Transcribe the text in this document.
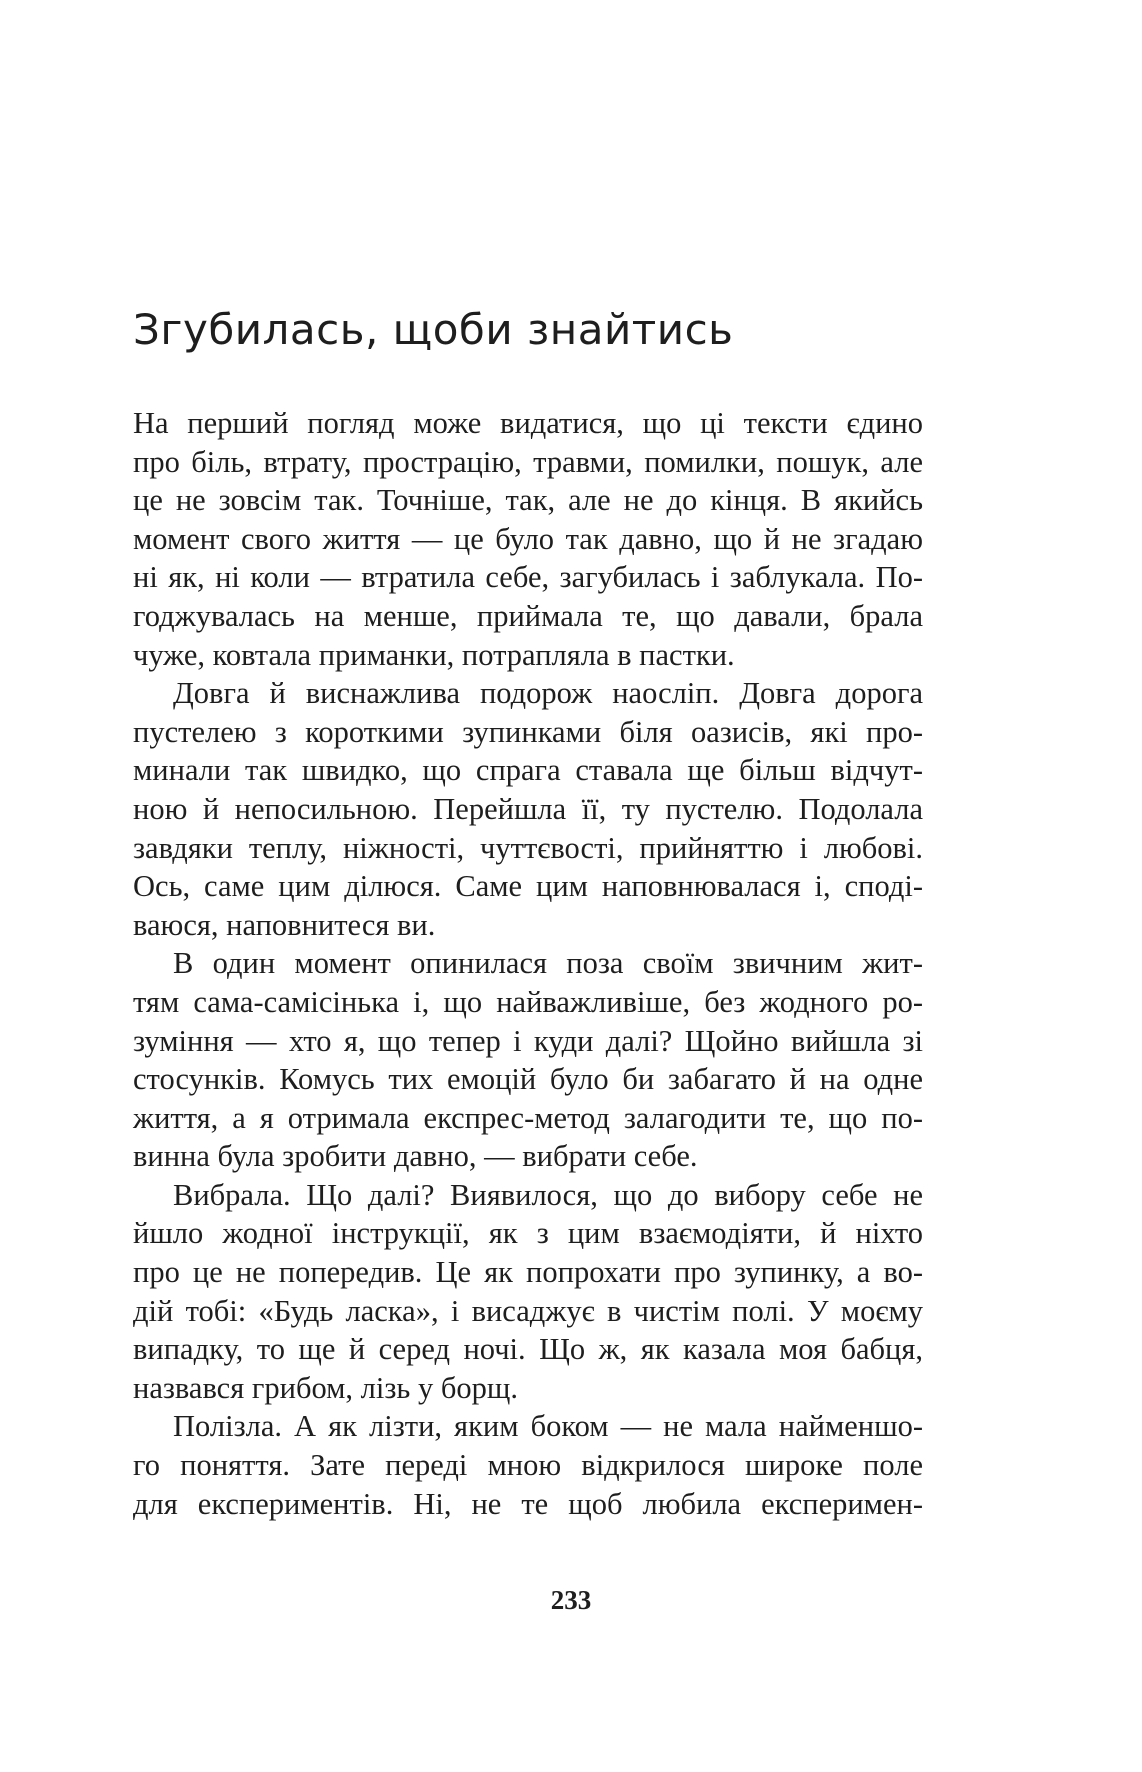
Згубилась, щоби знайтись
На перший погляд може видатися, що ці тексти єдино
про біль, втрату, прострацію, травми, помилки, пошук, але
це не зовсім так. Точніше, так, але не до кінця. В якийсь
момент свого життя — це було так давно, що й не згадаю
ні як, ні коли — втратила себе, загубилась і заблукала. По-
годжувалась на менше, приймала те, що давали, брала
чуже, ковтала приманки, потрапляла в пастки.
Довга й виснажлива подорож наосліп. Довга дорога
пустелею з короткими зупинками біля оазисів, які про-
минали так швидко, що спрага ставала ще більш відчут-
ною й непосильною. Перейшла її, ту пустелю. Подолала
завдяки теплу, ніжності, чуттєвості, прийняттю і любові.
Ось, саме цим ділюся. Саме цим наповнювалася і, споді-
ваюся, наповнитеся ви.
В один момент опинилася поза своїм звичним жит-
тям сама-самісінька і, що найважливіше, без жодного ро-
зуміння — хто я, що тепер і куди далі? Щойно вийшла зі
стосунків. Комусь тих емоцій було би забагато й на одне
життя, а я отримала експрес-метод залагодити те, що по-
винна була зробити давно, — вибрати себе.
Вибрала. Що далі? Виявилося, що до вибору себе не
йшло жодної інструкції, як з цим взаємодіяти, й ніхто
про це не попередив. Це як попрохати про зупинку, а во-
дій тобі: «Будь ласка», і висаджує в чистім полі. У моєму
випадку, то ще й серед ночі. Що ж, як казала моя бабця,
назвався грибом, лізь у борщ.
Полізла. А як лізти, яким боком — не мала найменшо-
го поняття. Зате переді мною відкрилося широке поле
для експериментів. Ні, не те щоб любила експеримен-
233
